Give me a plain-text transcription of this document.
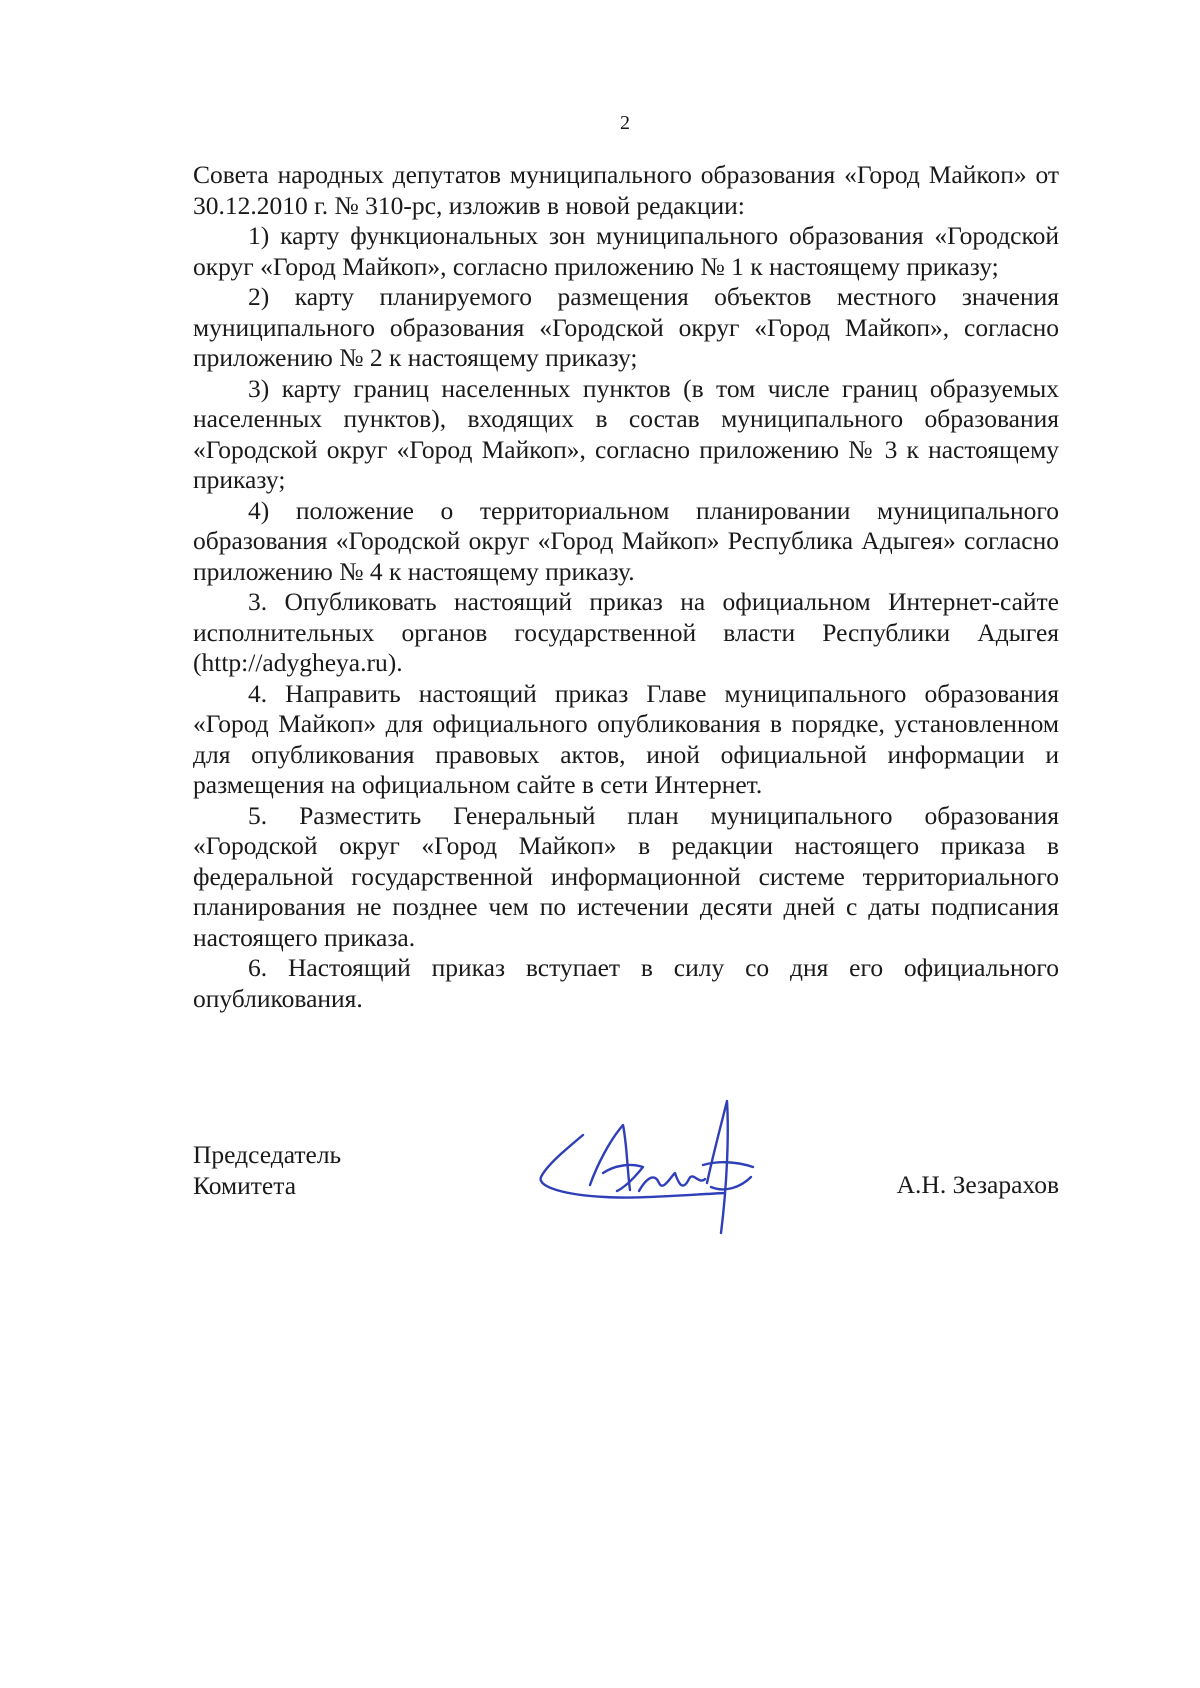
2

Совета народных депутатов муниципального образования «Город Майкоп» от 30.12.2010 г. № 310-рс, изложив в новой редакции:

1) карту функциональных зон муниципального образования «Городской округ «Город Майкоп», согласно приложению № 1 к настоящему приказу;

2) карту планируемого размещения объектов местного значения муниципального образования «Городской округ «Город Майкоп», согласно приложению № 2 к настоящему приказу;

3) карту границ населенных пунктов (в том числе границ образуемых населенных пунктов), входящих в состав муниципального образования «Городской округ «Город Майкоп», согласно приложению № 3 к настоящему приказу;

4) положение о территориальном планировании муниципального образования «Городской округ «Город Майкоп» Республика Адыгея» согласно приложению № 4 к настоящему приказу.

3. Опубликовать настоящий приказ на официальном Интернет-сайте исполнительных органов государственной власти Республики Адыгея (http://adygheya.ru).

4. Направить настоящий приказ Главе муниципального образования «Город Майкоп» для официального опубликования в порядке, установленном для опубликования правовых актов, иной официальной информации и размещения на официальном сайте в сети Интернет.

5. Разместить Генеральный план муниципального образования «Городской округ «Город Майкоп» в редакции настоящего приказа в федеральной государственной информационной системе территориального планирования не позднее чем по истечении десяти дней с даты подписания настоящего приказа.

6. Настоящий приказ вступает в силу со дня его официального опубликования.

Председатель
Комитета	А.Н. Зезарахов
